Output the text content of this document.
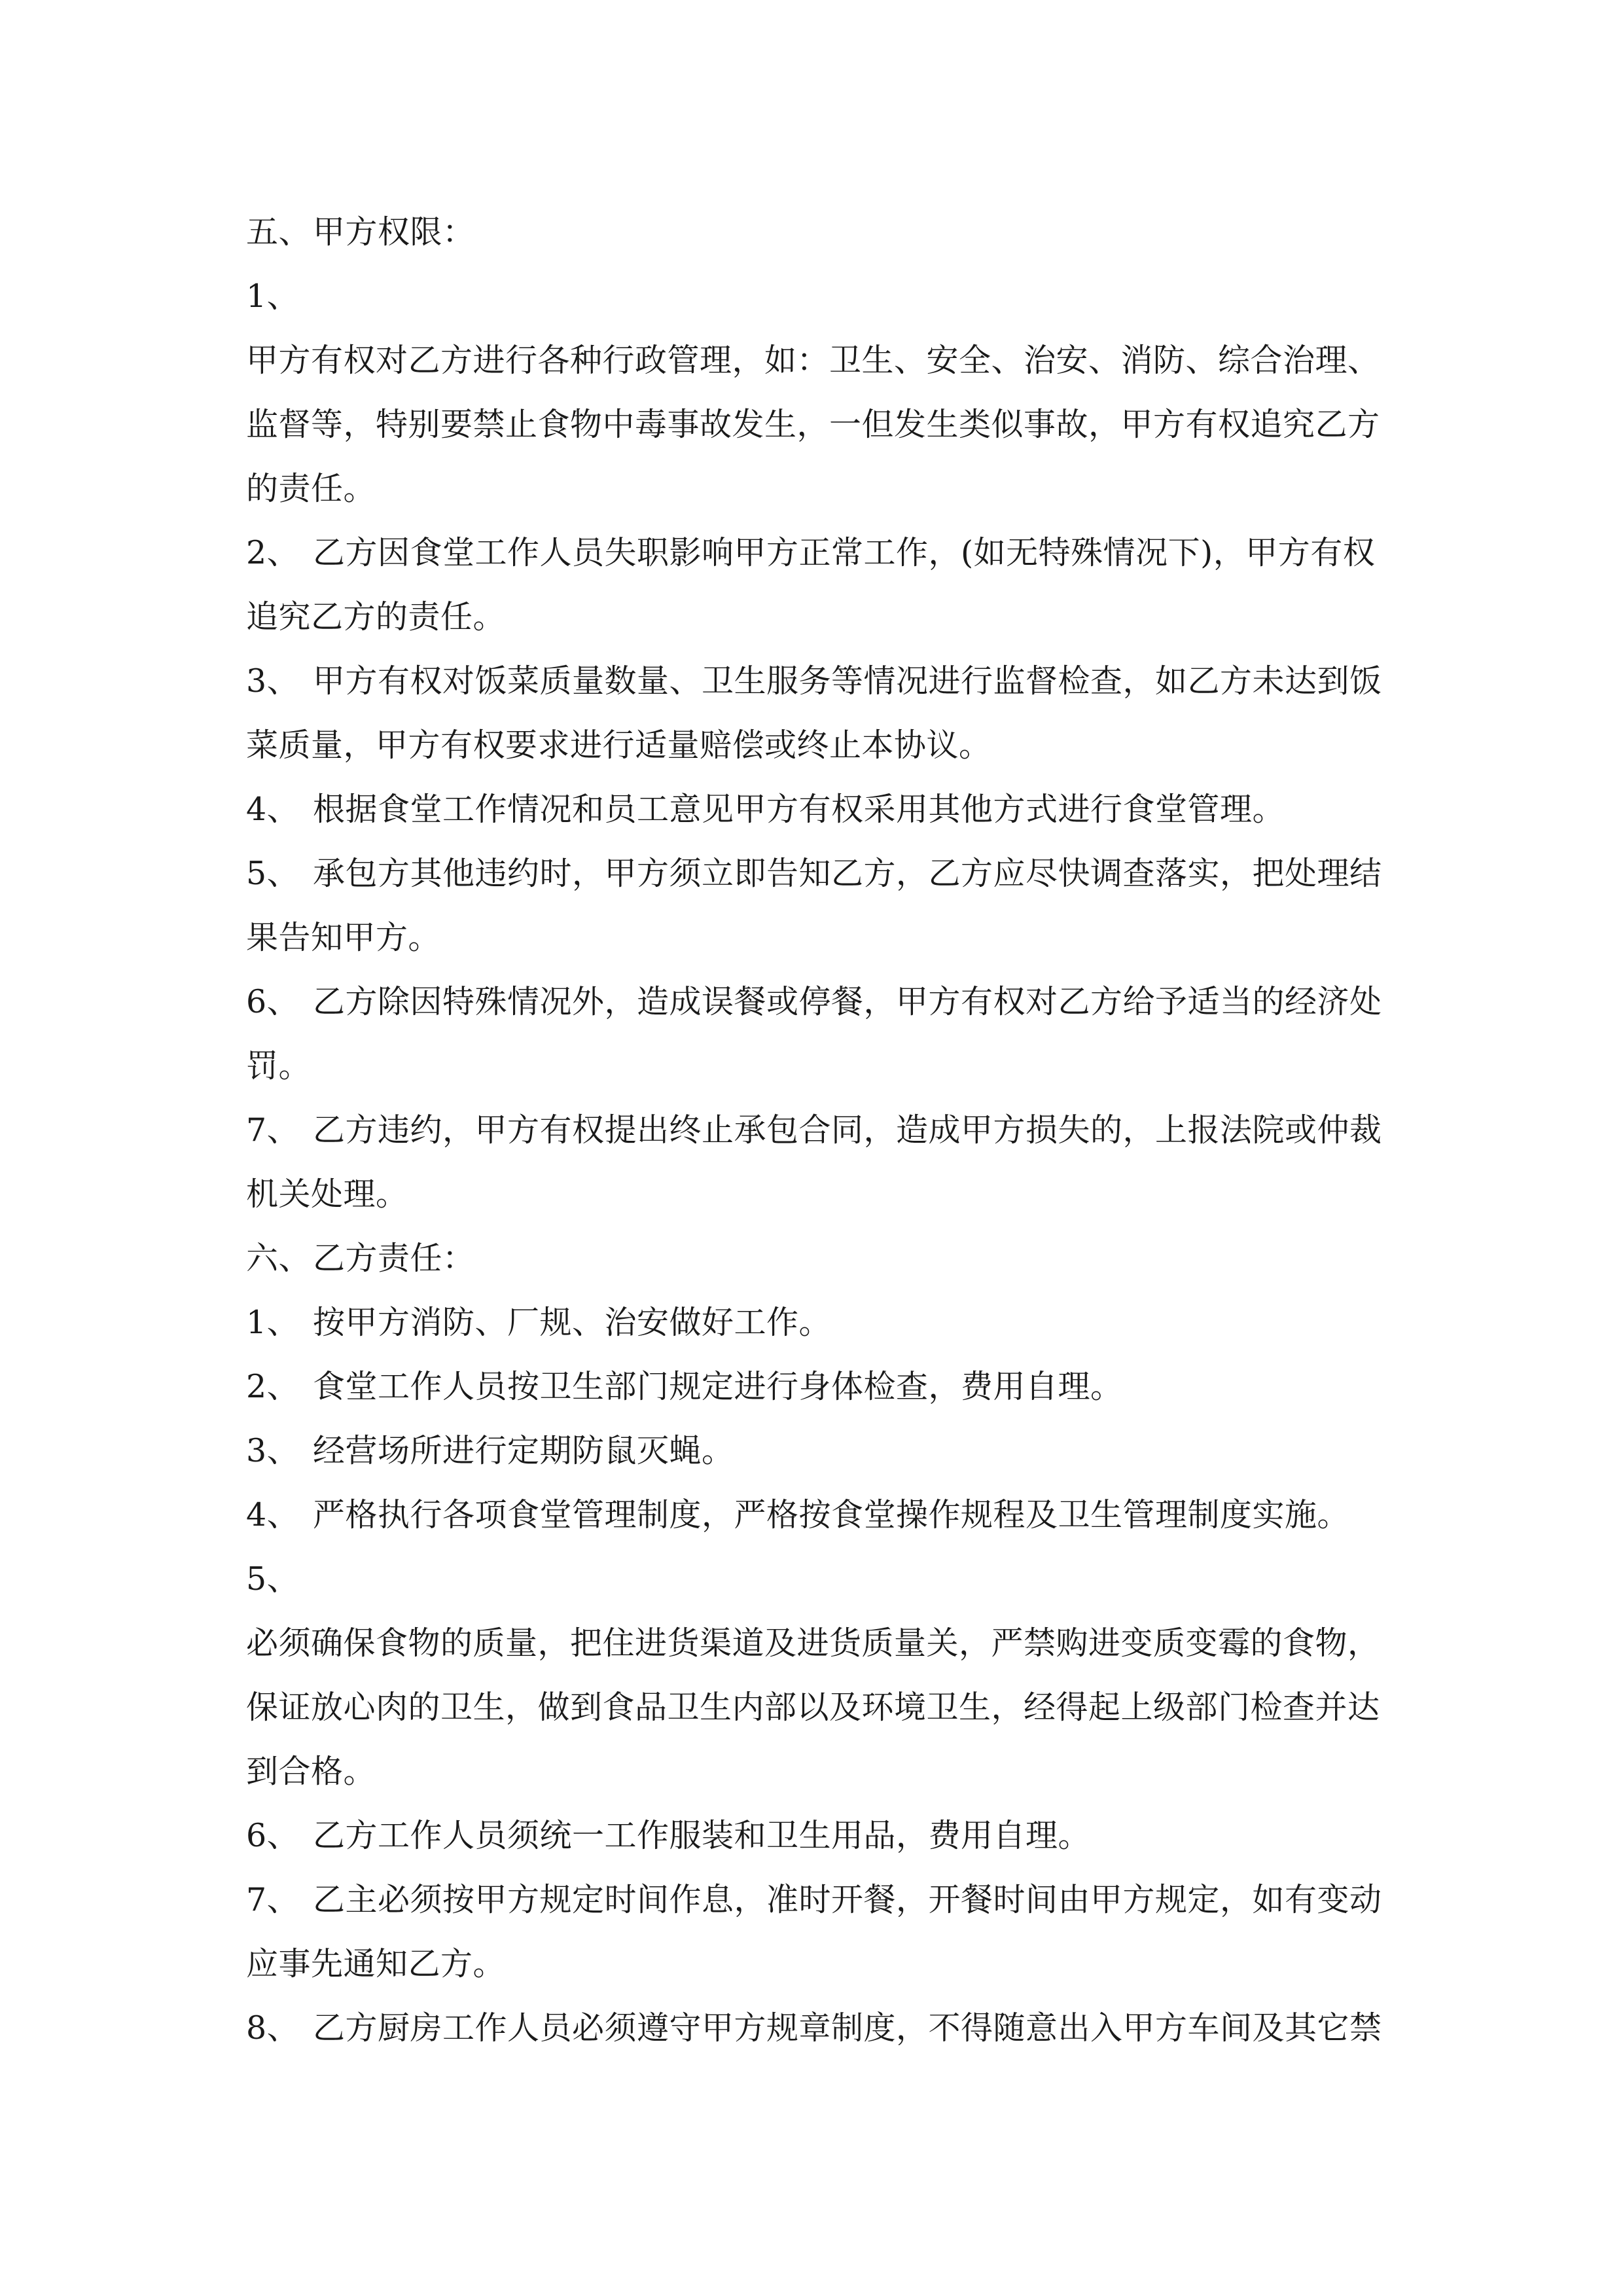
五、甲方权限：
1、
甲方有权对乙方进行各种行政管理，如：卫生、安全、治安、消防、综合治理、
监督等，特别要禁止食物中毒事故发生，一但发生类似事故，甲方有权追究乙方
的责任。
2、 乙方因食堂工作人员失职影响甲方正常工作，(如无特殊情况下)，甲方有权
追究乙方的责任。
3、 甲方有权对饭菜质量数量、卫生服务等情况进行监督检查，如乙方未达到饭
菜质量，甲方有权要求进行适量赔偿或终止本协议。
4、 根据食堂工作情况和员工意见甲方有权采用其他方式进行食堂管理。
5、 承包方其他违约时，甲方须立即告知乙方，乙方应尽快调查落实，把处理结
果告知甲方。
6、 乙方除因特殊情况外，造成误餐或停餐，甲方有权对乙方给予适当的经济处
罚。
7、 乙方违约，甲方有权提出终止承包合同，造成甲方损失的，上报法院或仲裁
机关处理。
六、乙方责任：
1、 按甲方消防、厂规、治安做好工作。
2、 食堂工作人员按卫生部门规定进行身体检查，费用自理。
3、 经营场所进行定期防鼠灭蝇。
4、 严格执行各项食堂管理制度，严格按食堂操作规程及卫生管理制度实施。
5、
必须确保食物的质量，把住进货渠道及进货质量关，严禁购进变质变霉的食物，
保证放心肉的卫生，做到食品卫生内部以及环境卫生，经得起上级部门检查并达
到合格。
6、 乙方工作人员须统一工作服装和卫生用品，费用自理。
7、 乙主必须按甲方规定时间作息，准时开餐，开餐时间由甲方规定，如有变动
应事先通知乙方。
8、 乙方厨房工作人员必须遵守甲方规章制度，不得随意出入甲方车间及其它禁
